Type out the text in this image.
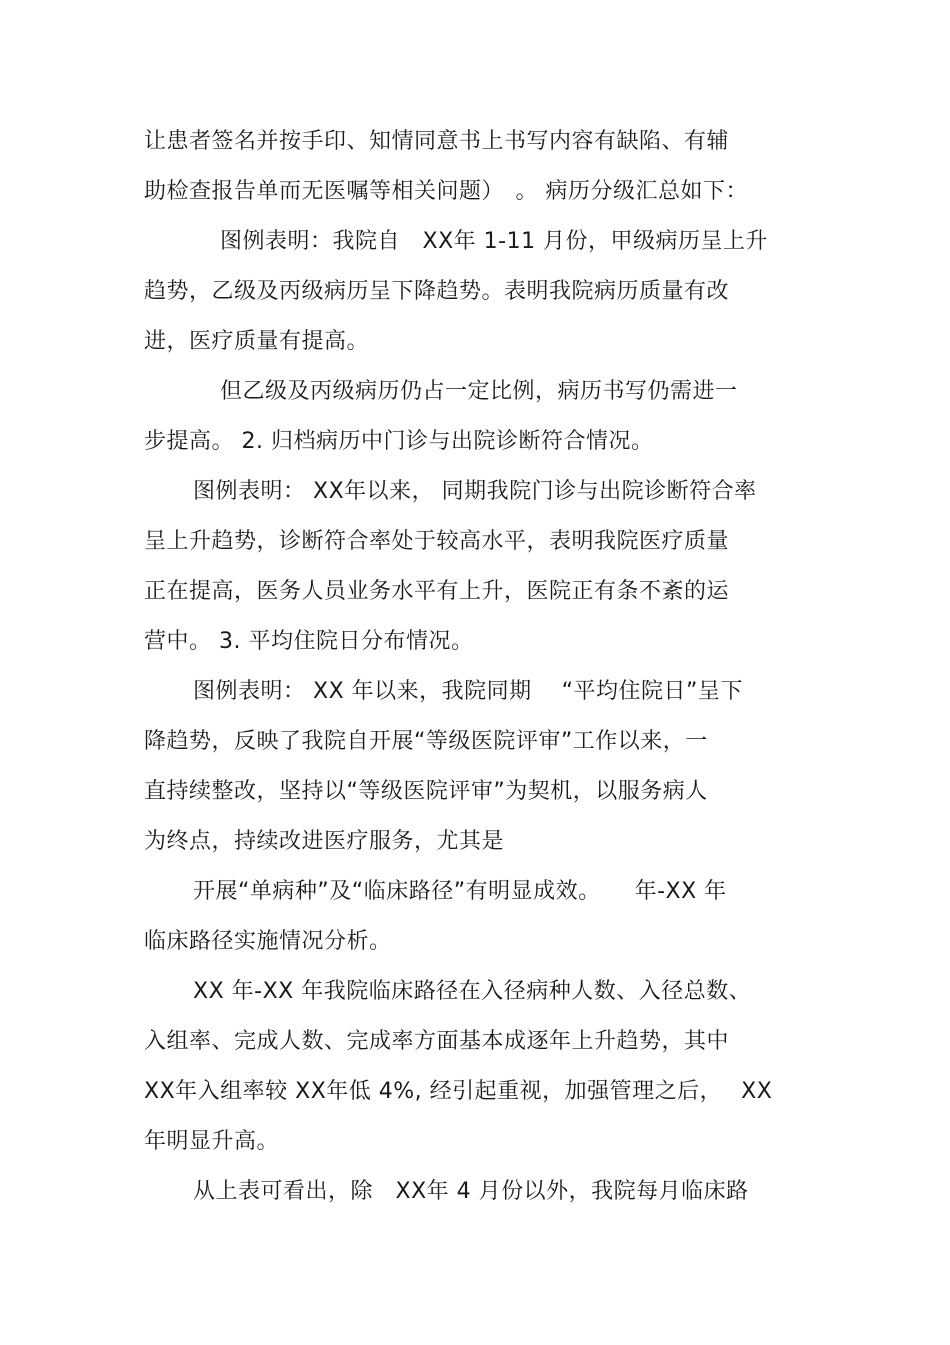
让患者签名并按手印、知情同意书上书写内容有缺陷、有辅
助检查报告单而无医嘱等相关问题）　。 病历分级汇总如下：
图例表明：我院自　XX年 1-11 月份，甲级病历呈上升
趋势，乙级及丙级病历呈下降趋势。表明我院病历质量有改
进，医疗质量有提高。
但乙级及丙级病历仍占一定比例，病历书写仍需进一
步提高。 2. 归档病历中门诊与出院诊断符合情况。
图例表明： XX年以来， 同期我院门诊与出院诊断符合率
呈上升趋势，诊断符合率处于较高水平，表明我院医疗质量
正在提高，医务人员业务水平有上升，医院正有条不紊的运
营中。 3. 平均住院日分布情况。
图例表明： XX 年以来，我院同期　 “平均住院日”呈下
降趋势，反映了我院自开展“等级医院评审”工作以来，一
直持续整改，坚持以“等级医院评审”为契机，以服务病人
为终点，持续改进医疗服务，尤其是
开展“单病种”及“临床路径”有明显成效。　　年-XX 年
临床路径实施情况分析。
XX 年-XX 年我院临床路径在入径病种人数、入径总数、
入组率、完成人数、完成率方面基本成逐年上升趋势，其中
XX年入组率较 XX年低 4%, 经引起重视，加强管理之后，　 XX
年明显升高。
从上表可看出，除　XX年 4 月份以外，我院每月临床路
